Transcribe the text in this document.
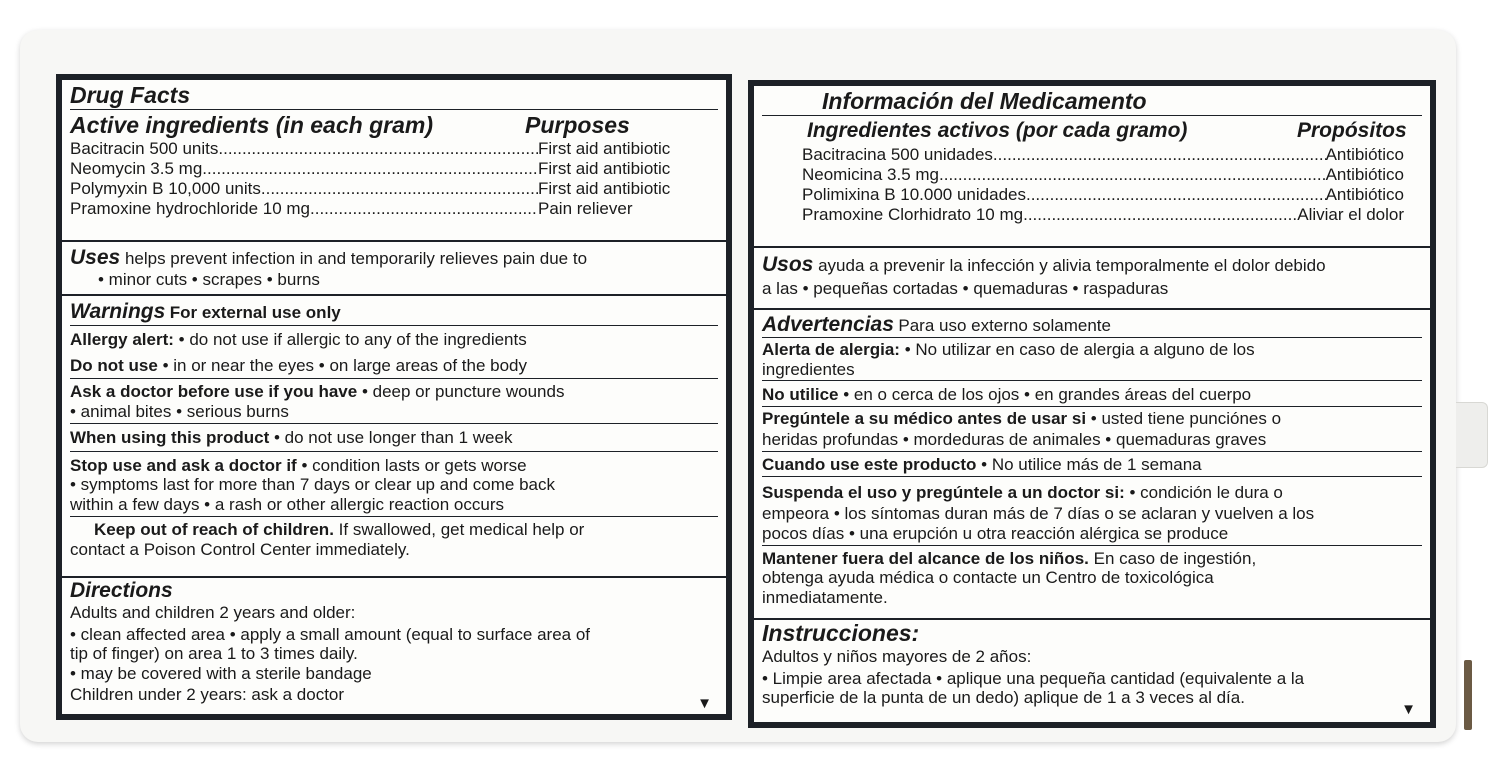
Drug Facts
Active ingredients (in each gram)	Purposes
Bacitracin 500 units .....	First aid antibiotic
Neomycin 3.5 mg .....	First aid antibiotic
Polymyxin B 10,000 units .....	First aid antibiotic
Pramoxine hydrochloride 10 mg .....	Pain reliever
Uses helps prevent infection in and temporarily relieves pain due to
• minor cuts • scrapes • burns
Warnings For external use only
Allergy alert: • do not use if allergic to any of the ingredients
Do not use • in or near the eyes • on large areas of the body
Ask a doctor before use if you have • deep or puncture wounds
• animal bites • serious burns
When using this product • do not use longer than 1 week
Stop use and ask a doctor if • condition lasts or gets worse
• symptoms last for more than 7 days or clear up and come back
within a few days • a rash or other allergic reaction occurs
Keep out of reach of children. If swallowed, get medical help or
contact a Poison Control Center immediately.
Directions
Adults and children 2 years and older:
• clean affected area • apply a small amount (equal to surface area of
tip of finger) on area 1 to 3 times daily.
• may be covered with a sterile bandage
Children under 2 years: ask a doctor	▼
Información del Medicamento
Ingredientes activos (por cada gramo)	Propósitos
Bacitracina 500 unidades .....	Antibiótico
Neomicina 3.5 mg .....	Antibiótico
Polimixina B 10.000 unidades .....	Antibiótico
Pramoxine Clorhidrato 10 mg .....	Aliviar el dolor
Usos ayuda a prevenir la infección y alivia temporalmente el dolor debido
a las • pequeñas cortadas • quemaduras • raspaduras
Advertencias Para uso externo solamente
Alerta de alergia: • No utilizar en caso de alergia a alguno de los
ingredientes
No utilice • en o cerca de los ojos • en grandes áreas del cuerpo
Pregúntele a su médico antes de usar si • usted tiene punciónes o
heridas profundas • mordeduras de animales • quemaduras graves
Cuando use este producto • No utilice más de 1 semana
Suspenda el uso y pregúntele a un doctor si: • condición le dura o
empeora • los síntomas duran más de 7 días o se aclaran y vuelven a los
pocos días • una erupción u otra reacción alérgica se produce
Mantener fuera del alcance de los niños. En caso de ingestión,
obtenga ayuda médica o contacte un Centro de toxicológica
inmediatamente.
Instrucciones:
Adultos y niños mayores de 2 años:
• Limpie area afectada • aplique una pequeña cantidad (equivalente a la
superficie de la punta de un dedo) aplique de 1 a 3 veces al día.
▼
